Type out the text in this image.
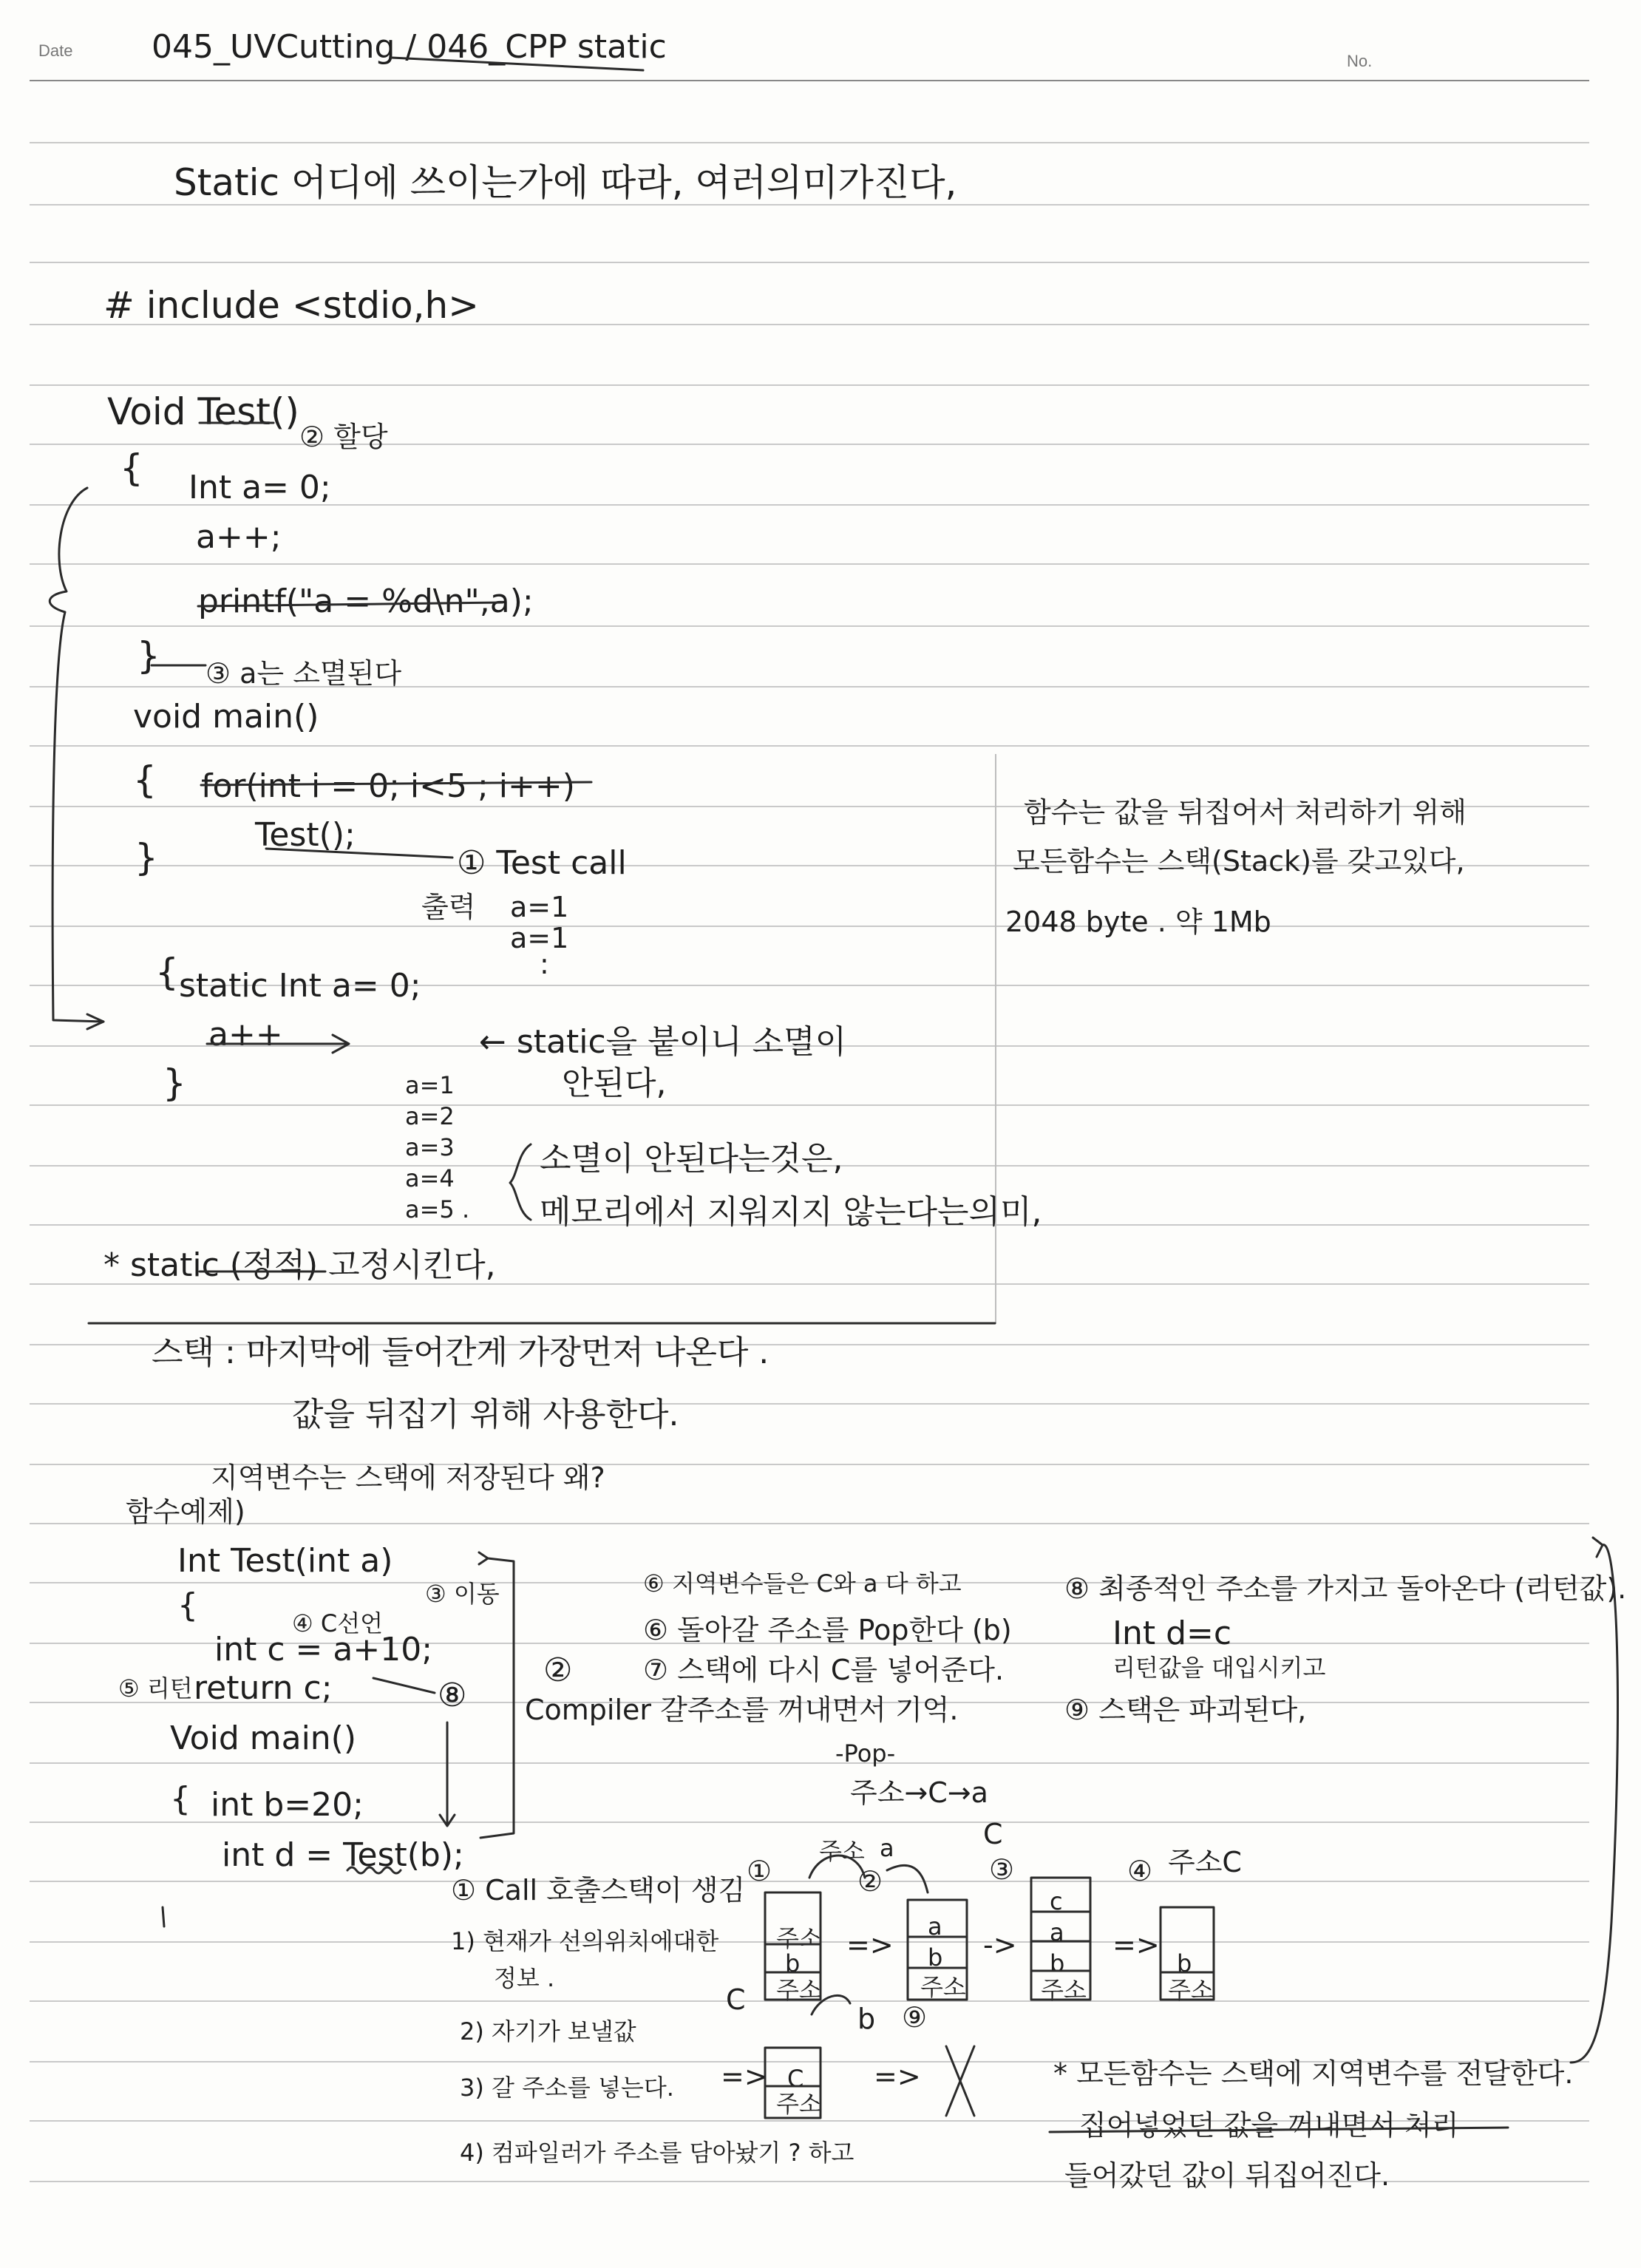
Date
No.
045_UVCutting / 046_CPP static
Static 어디에 쓰이는가에 따라, 여러의미가진다,
# include <stdio,h>
Void Test()
② 할당
{ Int a= 0;
a++;
printf("a = %d\n",a);
} ③ a는 소멸된다
void main()
{ for(int i = 0; i<5 ; i++)
Test();
}	① Test call
출력 a=1
a=1
:
{ static Int a= 0;
a++
}
← static을 붙이니 소멸이
안된다,
a=1
a=2
a=3
a=4
a=5 .
소멸이 안된다는것은,
메모리에서 지워지지 않는다는의미,
* static (정적) 고정시킨다,
함수는 값을 뒤집어서 처리하기 위해
모든함수는 스택(Stack)를 갖고있다,
2048 byte . 약 1Mb
스택 : 마지막에 들어간게 가장먼저 나온다 .
값을 뒤집기 위해 사용한다.
지역변수는 스택에 저장된다 왜?
함수예제)
Int Test(int a)
③ 이동
{	④ C선언
int c = a+10;
return c;
⑤ 리턴
Void main()
{ int b=20;
int d = Test(b);
⑧
②
⑥ 지역변수들은 C와 a 다 하고
⑥ 돌아갈 주소를 Pop한다 (b)
⑦ 스택에 다시 C를 넣어준다.
Compiler 갈주소를 꺼내면서 기억.
-Pop-
주소→C→a
⑧ 최종적인 주소를 가지고 돌아온다 (리턴값).
Int d=c
리턴값을 대입시키고
⑨ 스택은 파괴된다,
① Call 호출스택이 생김
1) 현재가 선의위치에대한
정보 .
2) 자기가 보낼값
3) 갈 주소를 넣는다.
4) 컴파일러가 주소를 담아놨기 ? 하고
①
주소 a
②
C
③	④ 주소C
C
b ⑨
주소
b
주소
=>
a
b
주소
->
c
a
b
주소
=>
b
주소
C
주소
=>	=>	* 모든함수는 스택에 지역변수를 전달한다.
집어넣었던 값을 꺼내면서 처리
들어갔던 값이 뒤집어진다.
